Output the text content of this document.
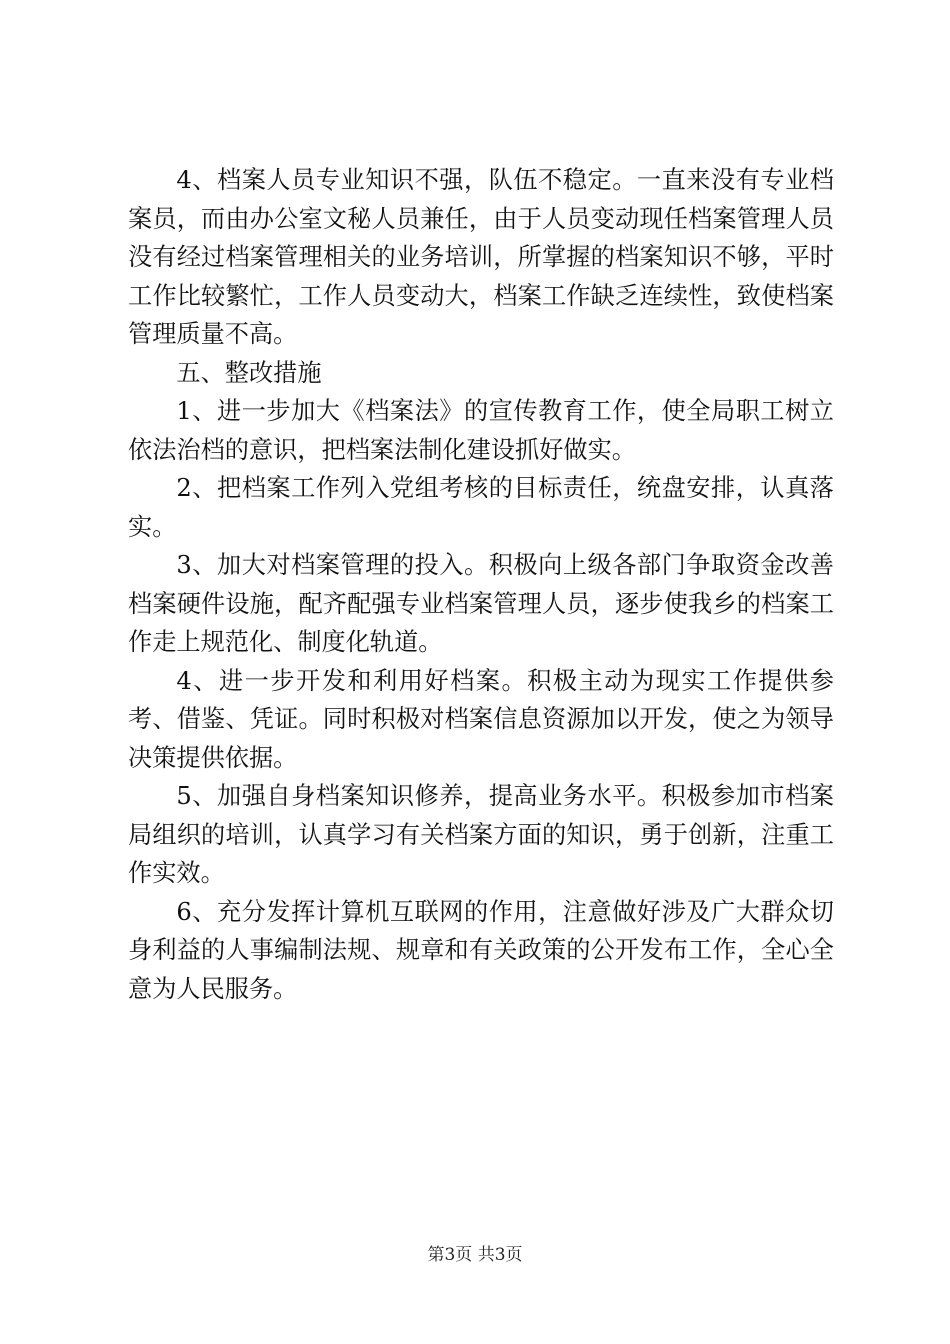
4、档案人员专业知识不强，队伍不稳定。一直来没有专业档案员，而由办公室文秘人员兼任，由于人员变动现任档案管理人员没有经过档案管理相关的业务培训，所掌握的档案知识不够，平时工作比较繁忙，工作人员变动大，档案工作缺乏连续性，致使档案管理质量不高。

五、整改措施

1、进一步加大《档案法》的宣传教育工作，使全局职工树立依法治档的意识，把档案法制化建设抓好做实。

2、把档案工作列入党组考核的目标责任，统盘安排，认真落实。

3、加大对档案管理的投入。积极向上级各部门争取资金改善档案硬件设施，配齐配强专业档案管理人员，逐步使我乡的档案工作走上规范化、制度化轨道。

4、进一步开发和利用好档案。积极主动为现实工作提供参考、借鉴、凭证。同时积极对档案信息资源加以开发，使之为领导决策提供依据。

5、加强自身档案知识修养，提高业务水平。积极参加市档案局组织的培训，认真学习有关档案方面的知识，勇于创新，注重工作实效。

6、充分发挥计算机互联网的作用，注意做好涉及广大群众切身利益的人事编制法规、规章和有关政策的公开发布工作，全心全意为人民服务。

第3页 共3页
